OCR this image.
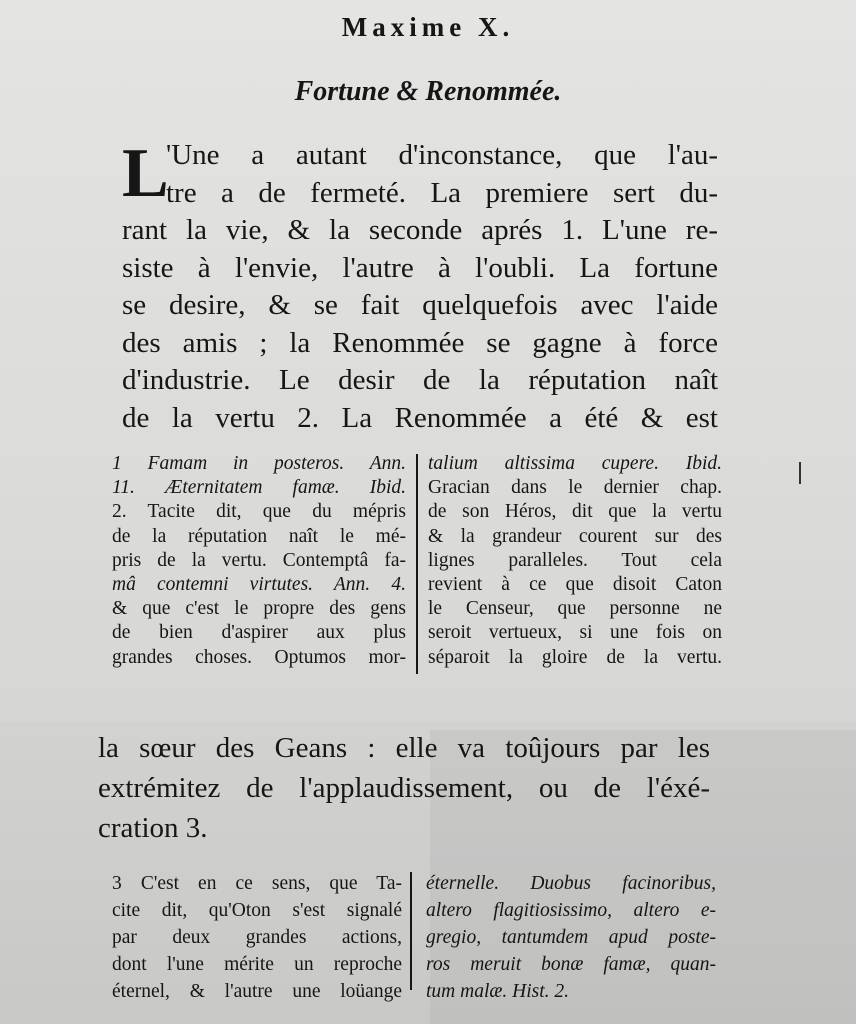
Maxime X.
Fortune & Renommée.
L
'Une a autant d'inconstance, que l'au-
tre a de fermeté. La premiere sert du-
rant la vie, & la seconde aprés 1. L'une re-
siste à l'envie, l'autre à l'oubli. La fortune
se desire, & se fait quelquefois avec l'aide
des amis ; la Renommée se gagne à force
d'industrie. Le desir de la réputation naît
de la vertu 2. La Renommée a été & est
1 Famam in posteros. Ann.
11. Æternitatem famæ. Ibid.
2. Tacite dit, que du mépris
de la réputation naît le mé-
pris de la vertu. Contemptâ fa-
mâ contemni virtutes. Ann. 4.
& que c'est le propre des gens
de bien d'aspirer aux plus
grandes choses. Optumos mor-
talium altissima cupere. Ibid.
Gracian dans le dernier chap.
de son Héros, dit que la vertu
& la grandeur courent sur des
lignes paralleles. Tout cela
revient à ce que disoit Caton
le Censeur, que personne ne
seroit vertueux, si une fois on
séparoit la gloire de la vertu.
la sœur des Geans : elle va toûjours par les
extrémitez de l'applaudissement, ou de l'éxé-
cration 3.
3 C'est en ce sens, que Ta-
cite dit, qu'Oton s'est signalé
par deux grandes actions,
dont l'une mérite un reproche
éternel, & l'autre une loüange
éternelle. Duobus facinoribus,
altero flagitiosissimo, altero e-
gregio, tantumdem apud poste-
ros meruit bonæ famæ, quan-
tum malæ. Hist. 2.
